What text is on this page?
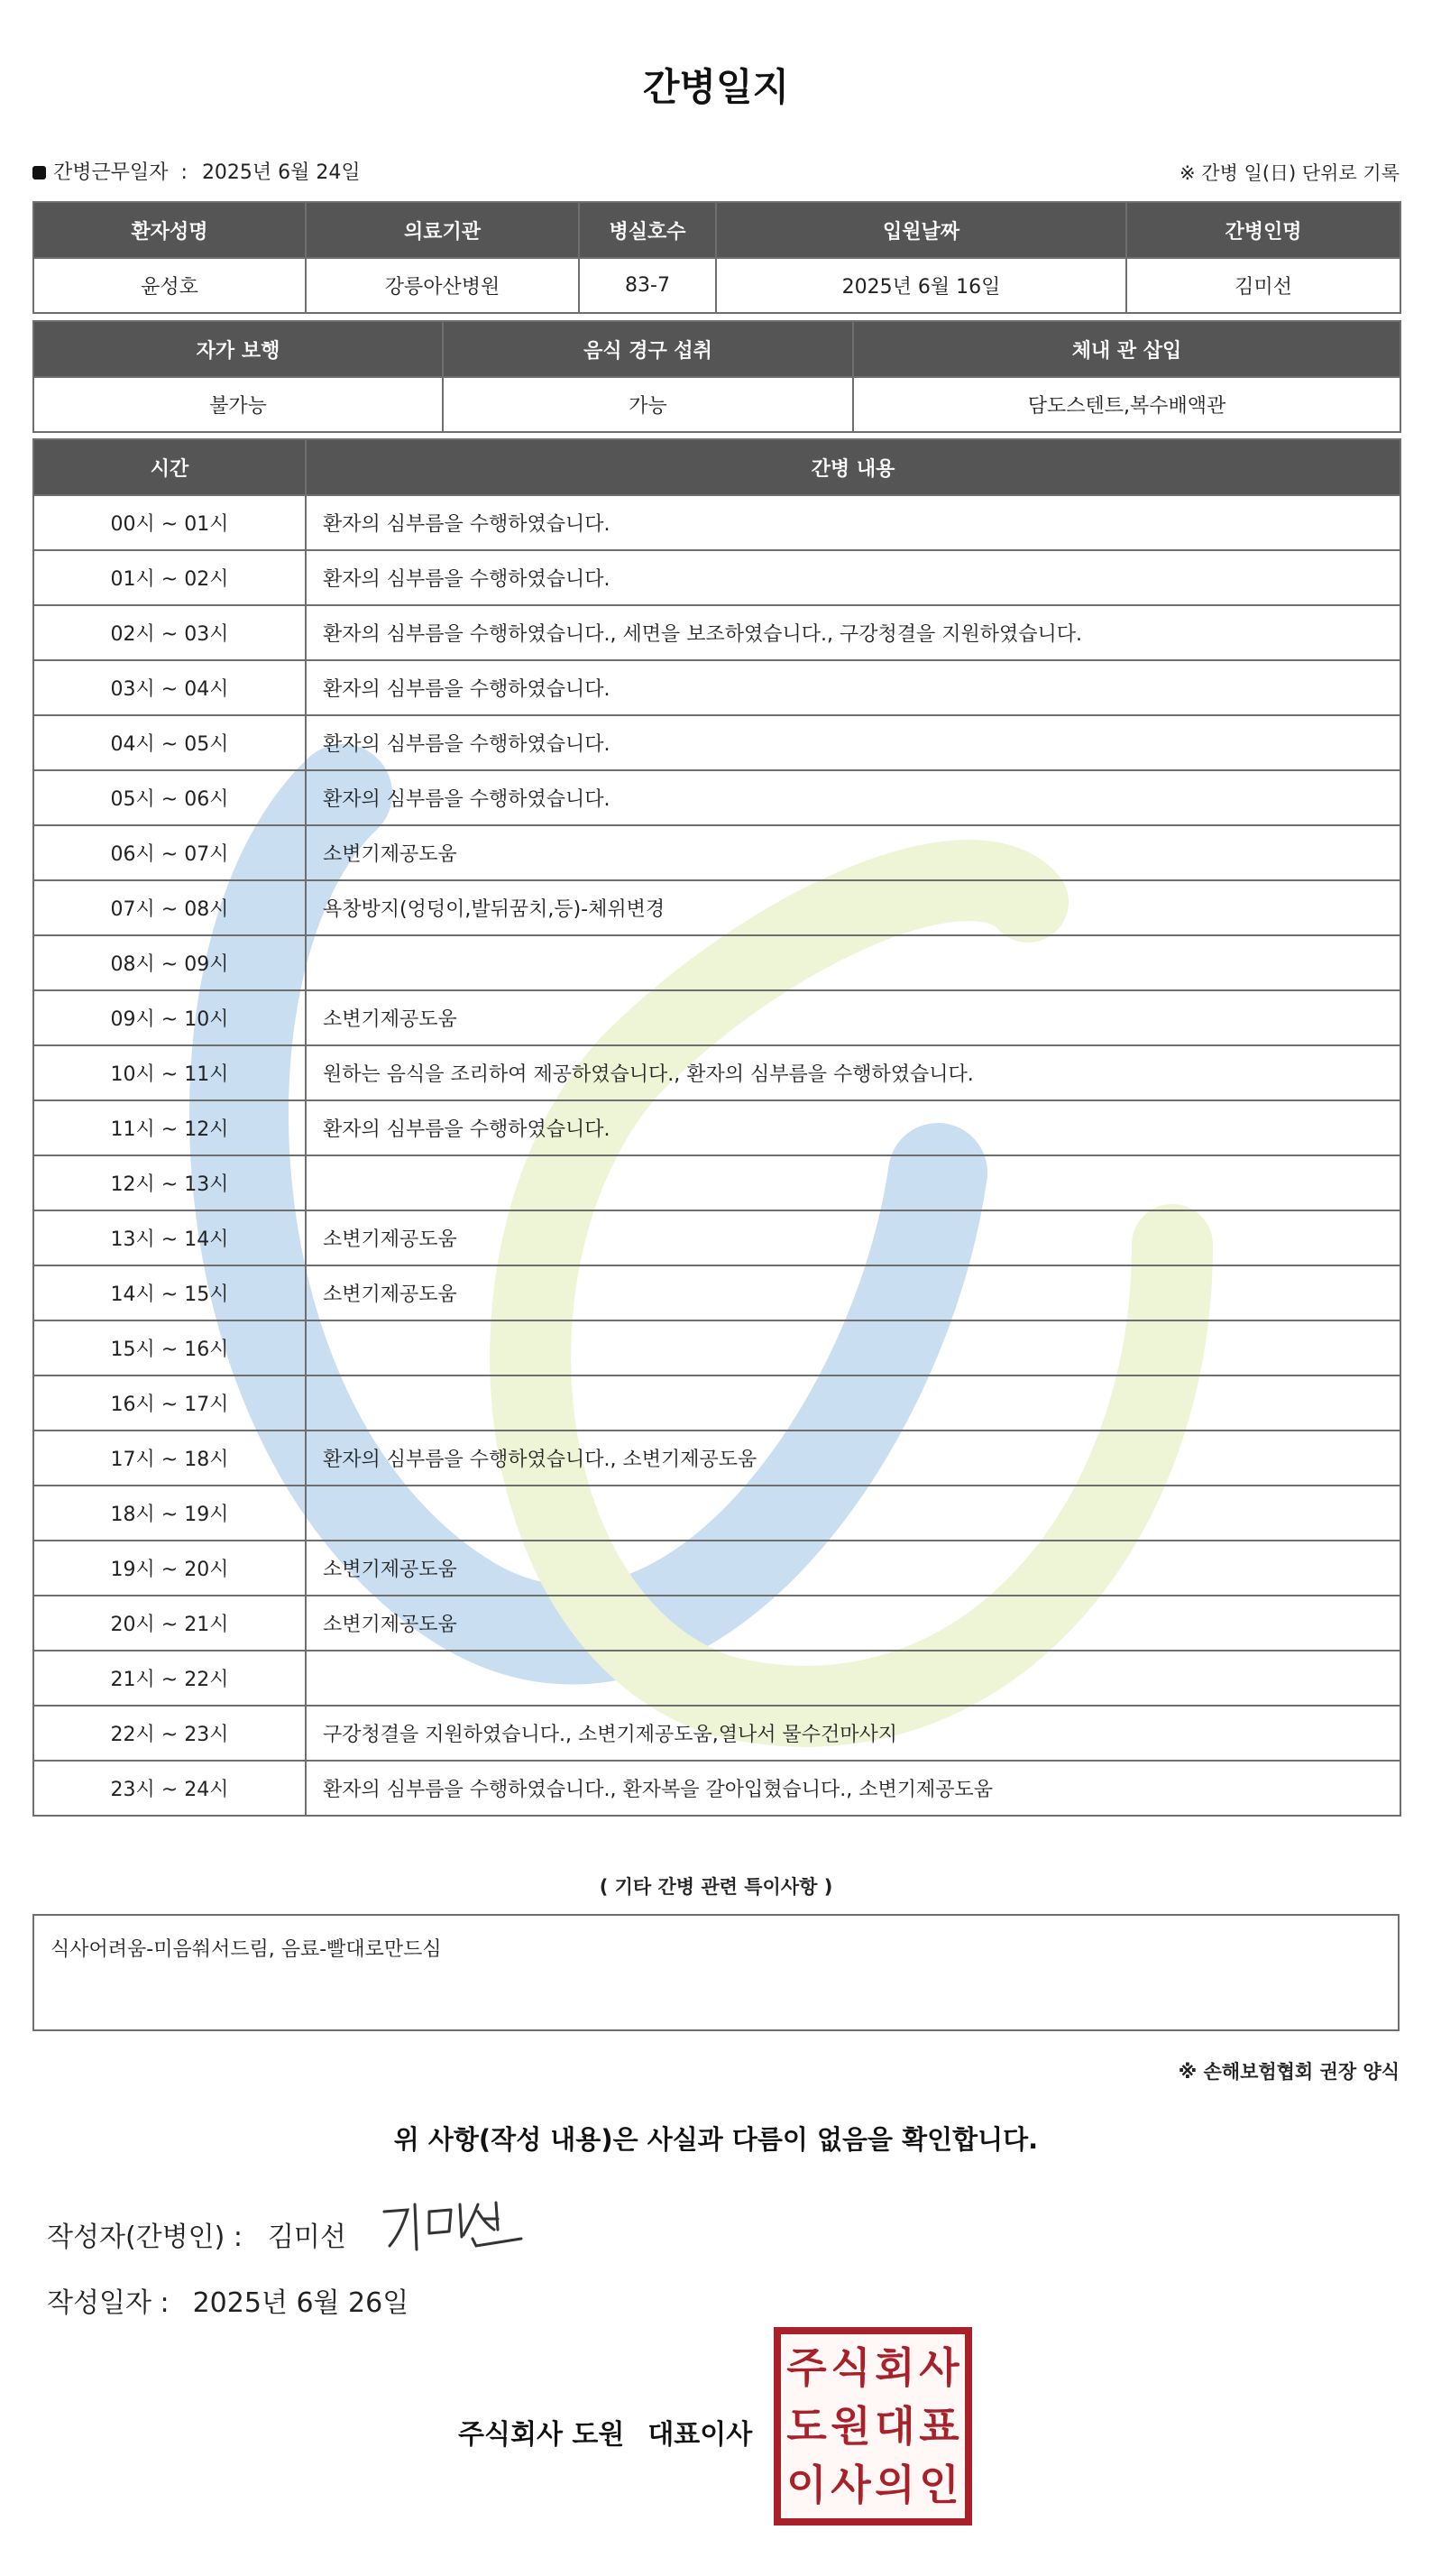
간병일지
간병근무일자 : 2025년 6월 24일	※ 간병 일(日) 단위로 기록
환자성명	의료기관	병실호수	입원날짜	간병인명
윤성호	강릉아산병원	83-7	2025년 6월 16일	김미선
자가 보행	음식 경구 섭취	체내 관 삽입
불가능	가능	담도스텐트,복수배액관
시간	간병 내용
00시 ~ 01시	환자의 심부름을 수행하였습니다.
01시 ~ 02시	환자의 심부름을 수행하였습니다.
02시 ~ 03시	환자의 심부름을 수행하였습니다., 세면을 보조하였습니다., 구강청결을 지원하였습니다.
03시 ~ 04시	환자의 심부름을 수행하였습니다.
04시 ~ 05시	환자의 심부름을 수행하였습니다.
05시 ~ 06시	환자의 심부름을 수행하였습니다.
06시 ~ 07시	소변기제공도움
07시 ~ 08시	욕창방지(엉덩이,발뒤꿈치,등)-체위변경
08시 ~ 09시	
09시 ~ 10시	소변기제공도움
10시 ~ 11시	원하는 음식을 조리하여 제공하였습니다., 환자의 심부름을 수행하였습니다.
11시 ~ 12시	환자의 심부름을 수행하였습니다.
12시 ~ 13시	
13시 ~ 14시	소변기제공도움
14시 ~ 15시	소변기제공도움
15시 ~ 16시	
16시 ~ 17시	
17시 ~ 18시	환자의 심부름을 수행하였습니다., 소변기제공도움
18시 ~ 19시	
19시 ~ 20시	소변기제공도움
20시 ~ 21시	소변기제공도움
21시 ~ 22시	
22시 ~ 23시	구강청결을 지원하였습니다., 소변기제공도움,열나서 물수건마사지
23시 ~ 24시	환자의 심부름을 수행하였습니다., 환자복을 갈아입혔습니다., 소변기제공도움
( 기타 간병 관련 특이사항 )
식사어려움-미음쒀서드림, 음료-빨대로만드심
※ 손해보험협회 권장 양식
위 사항(작성 내용)은 사실과 다름이 없음을 확인합니다.
작성자(간병인) : 김미선
작성일자 : 2025년 6월 26일
주식회사 도원 대표이사
주 식 회 사
도 원 대 표
이 사 의 인
